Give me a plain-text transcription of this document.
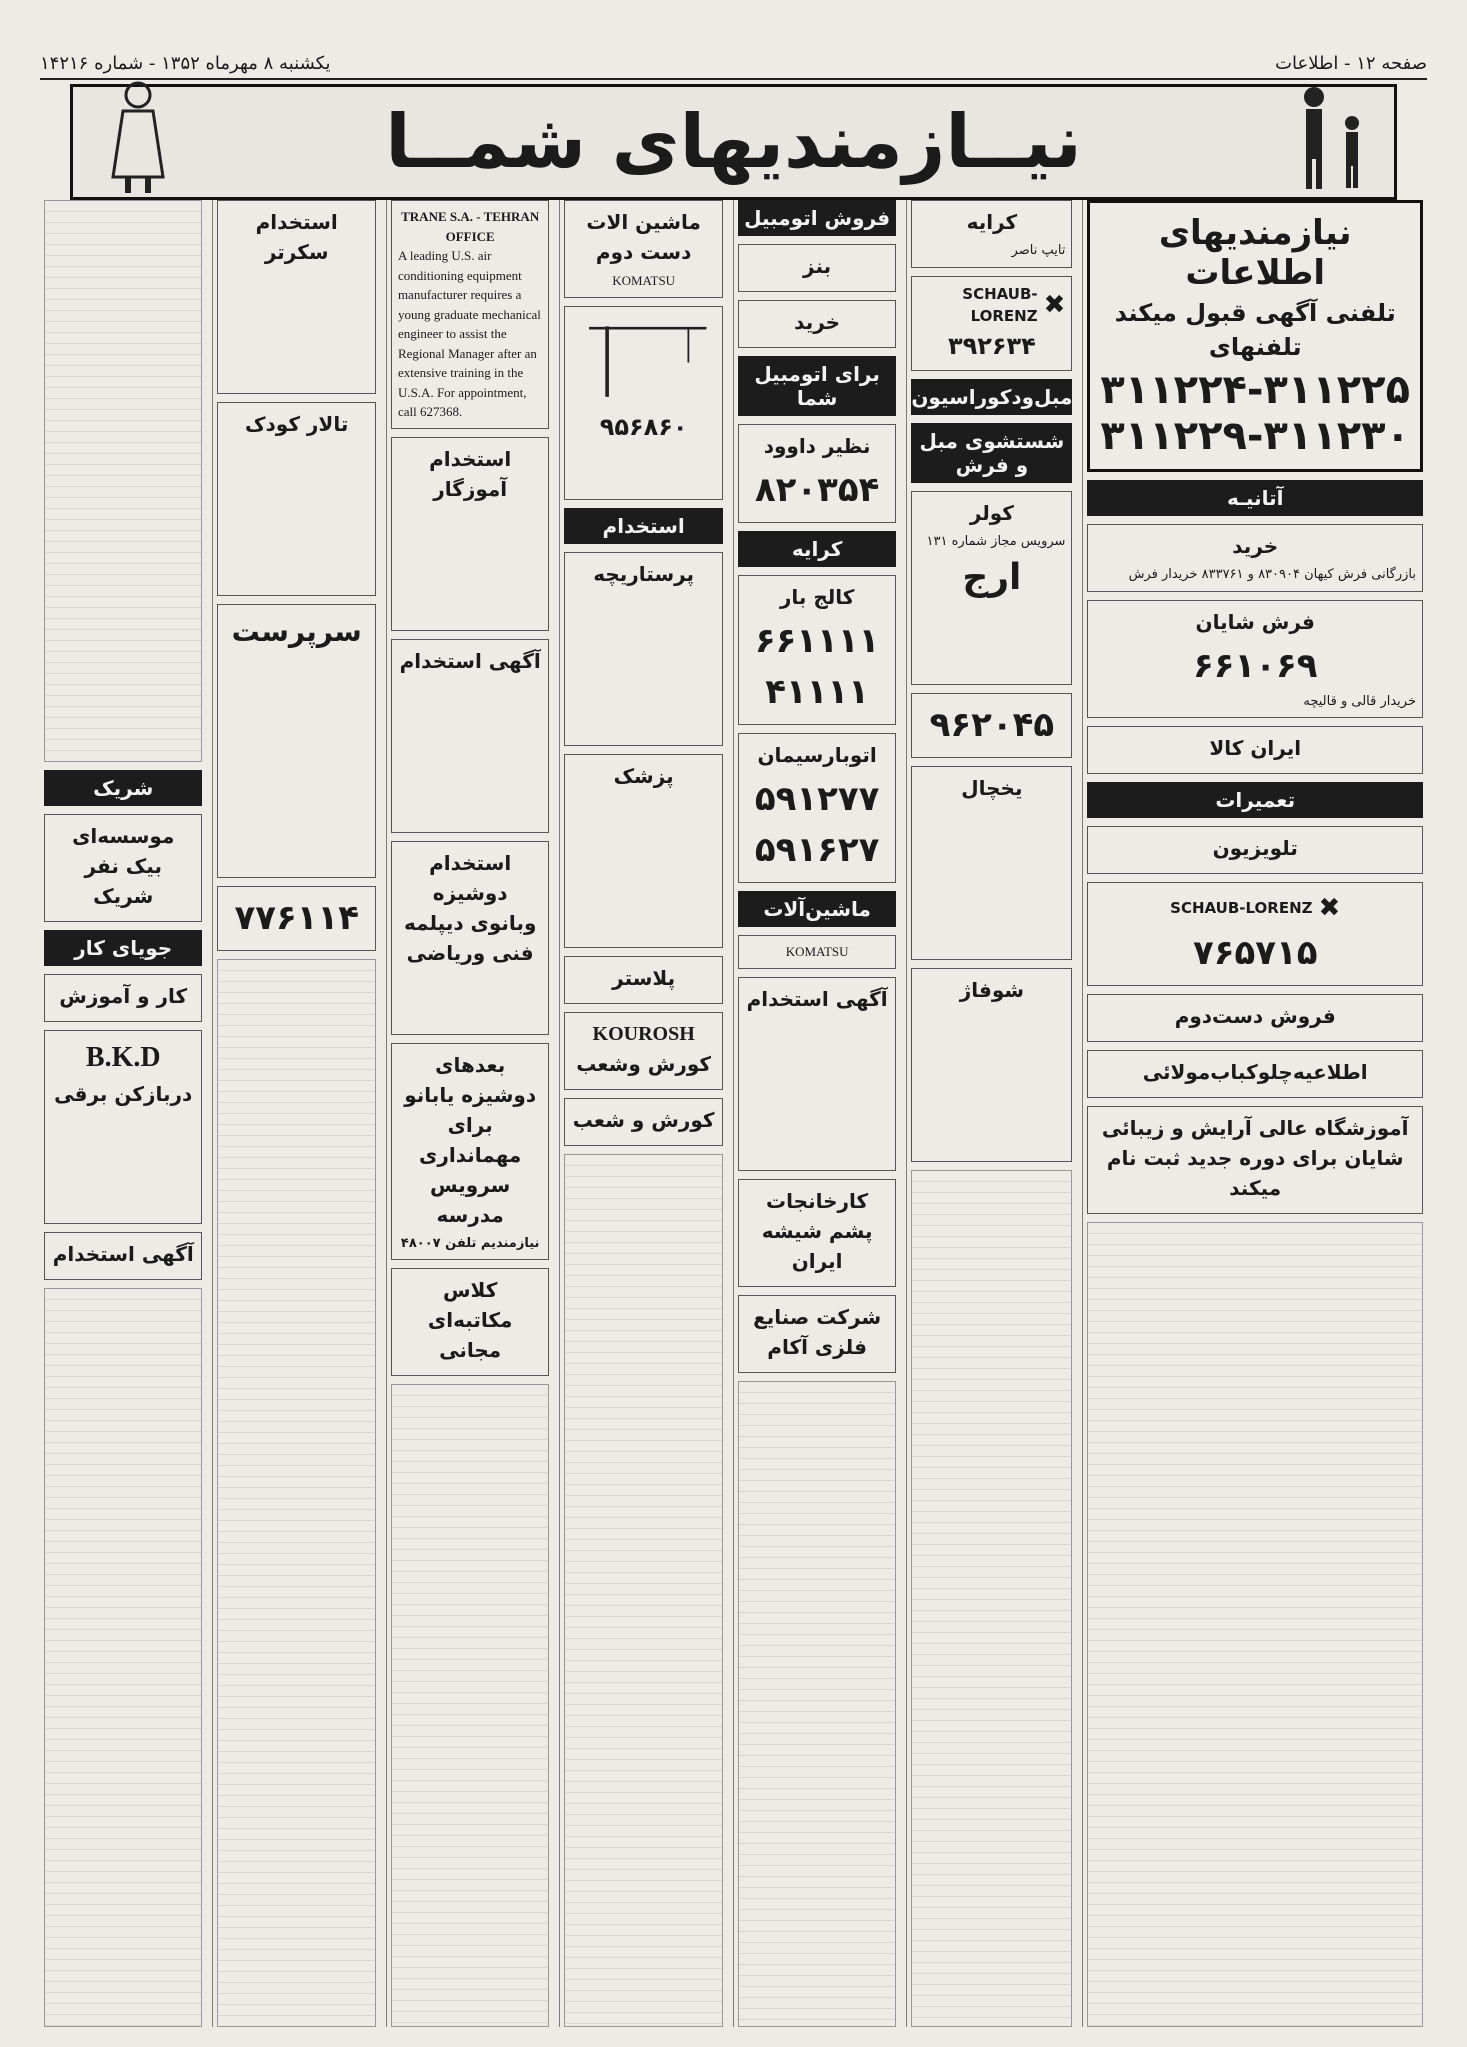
صفحه ۱۲ - اطلاعات
یکشنبه ۸ مهرماه ۱۳۵۲ - شماره ۱۴۲۱۶
نیــازمندیهای شمــا
نیازمندیهای اطلاعات
تلفنی آگهی قبول میکند
تلفنهای
۳۱۱۲۲۴-۳۱۱۲۲۵
۳۱۱۲۲۹-۳۱۱۲۳۰
آتانیـه
خرید

بازرگانی فرش کیهان ۸۳۰۹۰۴ و ۸۳۳۷۶۱ خریدار فرش

فرش شایان
۶۶۱۰۶۹

خریدار قالی و قالیچه

ایران کالا
تعمیرات
تلویزیون
✖
SCHAUB-LORENZ
۷۶۵۷۱۵
فروش دست‌دوم
اطلاعیه‌چلوکباب‌مولائی
آموزشگاه عالی آرایش و زیبائی شایان برای دوره جدید ثبت نام میکند
کرایه

تایپ ناصر

✖
SCHAUB-LORENZ
۳۹۲۶۳۴
مبل‌ودکوراسیون
شستشوی مبل و فرش
کولر

سرویس مجاز شماره ۱۳۱

ارج
۹۶۲۰۴۵
یخچال
شوفاژ
فروش اتومبیل
بنز
خرید
برای اتومبیل شما
نظیر داوود
۸۲۰۳۵۴
کرایه
کالج بار
۶۶۱۱۱۱
۴۱۱۱۱
اتوبارسیمان
۵۹۱۲۷۷
۵۹۱۶۲۷
ماشین‌آلات
KOMATSU
آگهی استخدام
کارخانجات پشم شیشه ایران
شرکت صنایع فلزی آکام
ماشین الات دست دوم
KOMATSU
۹۵۶۸۶۰
استخدام
پرستاریچه
پزشک
پلاستر
KOUROSH
کورش وشعب
کورش و شعب
TRANE S.A. - TEHRAN OFFICE
A leading U.S. air conditioning equipment manufacturer requires a young graduate mechanical engineer to assist the Regional Manager after an extensive training in the U.S.A. For appointment, call 627368.
استخدام آموزگار
آگهی استخدام
استخدام دوشیزه وبانوی دیپلمه فنی وریاضی
بعدهای دوشیزه یابانو برای مهمانداری سرویس مدرسه

نیازمندیم تلفن ۴۸۰۰۷

کلاس مکاتبه‌ای مجانی
استخدام سکرتر
تالار کودک
سرپرست
۷۷۶۱۱۴
شریک
موسسه‌ای بیک نفر شریک
جویای کار
کار و آموزش
B.K.D
دربازکن برقی
آگهی استخدام
